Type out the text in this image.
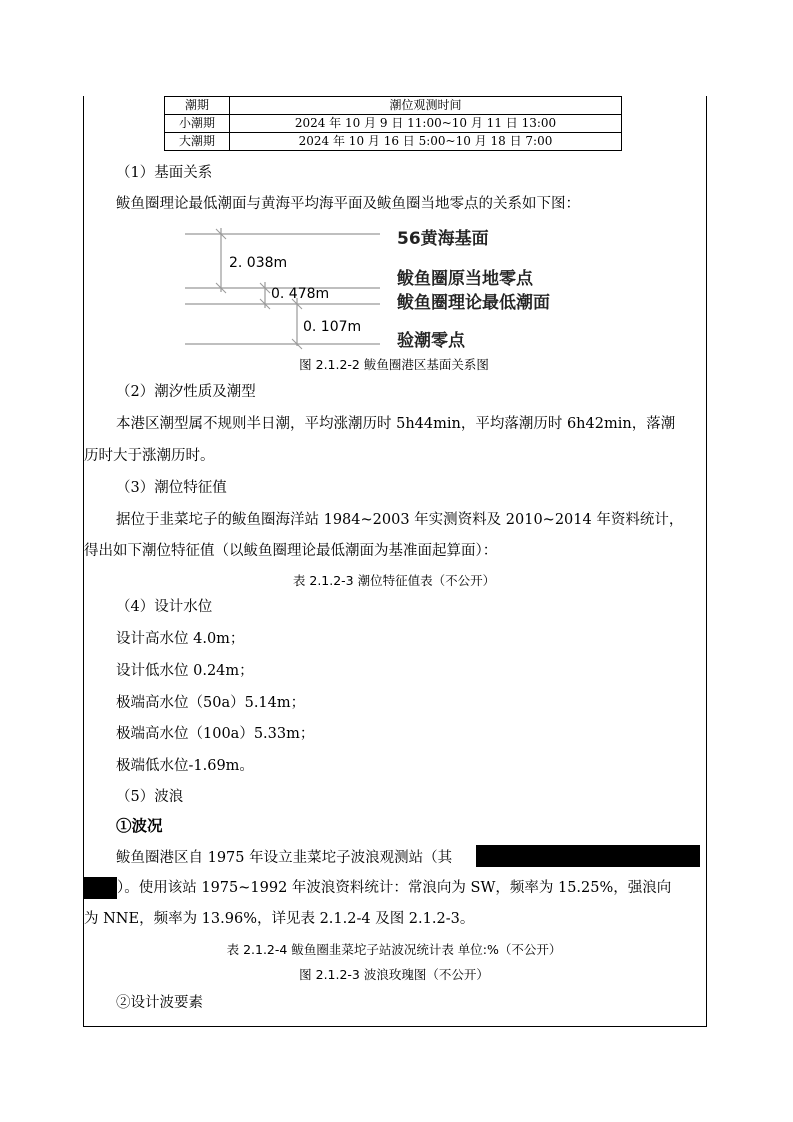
潮期	潮位观测时间
小潮期	2024 年 10 月 9 日 11:00~10 月 11 日 13:00
大潮期	2024 年 10 月 16 日 5:00~10 月 18 日 7:00
（1）基面关系
鲅鱼圈理论最低潮面与黄海平均海平面及鲅鱼圈当地零点的关系如下图：
2. 038m
0. 478m
0. 107m
56黄海基面
鲅鱼圈原当地零点
鲅鱼圈理论最低潮面
验潮零点
图 2.1.2-2 鲅鱼圈港区基面关系图
（2）潮汐性质及潮型
本港区潮型属不规则半日潮，平均涨潮历时 5h44min，平均落潮历时 6h42min，落潮
历时大于涨潮历时。
（3）潮位特征值
据位于韭菜坨子的鲅鱼圈海洋站 1984~2003 年实测资料及 2010~2014 年资料统计，
得出如下潮位特征值（以鲅鱼圈理论最低潮面为基准面起算面）：
表 2.1.2-3 潮位特征值表（不公开）
（4）设计水位
设计高水位 4.0m；
设计低水位 0.24m；
极端高水位（50a）5.14m；
极端高水位（100a）5.33m；
极端低水位-1.69m。
（5）波浪
①波况
鲅鱼圈港区自 1975 年设立韭菜坨子波浪观测站（其
）。使用该站 1975~1992 年波浪资料统计：常浪向为 SW，频率为 15.25%，强浪向
为 NNE，频率为 13.96%，详见表 2.1.2-4 及图 2.1.2-3。
表 2.1.2-4 鲅鱼圈韭菜坨子站波况统计表 单位:%（不公开）
图 2.1.2-3 波浪玫瑰图（不公开）
②设计波要素
